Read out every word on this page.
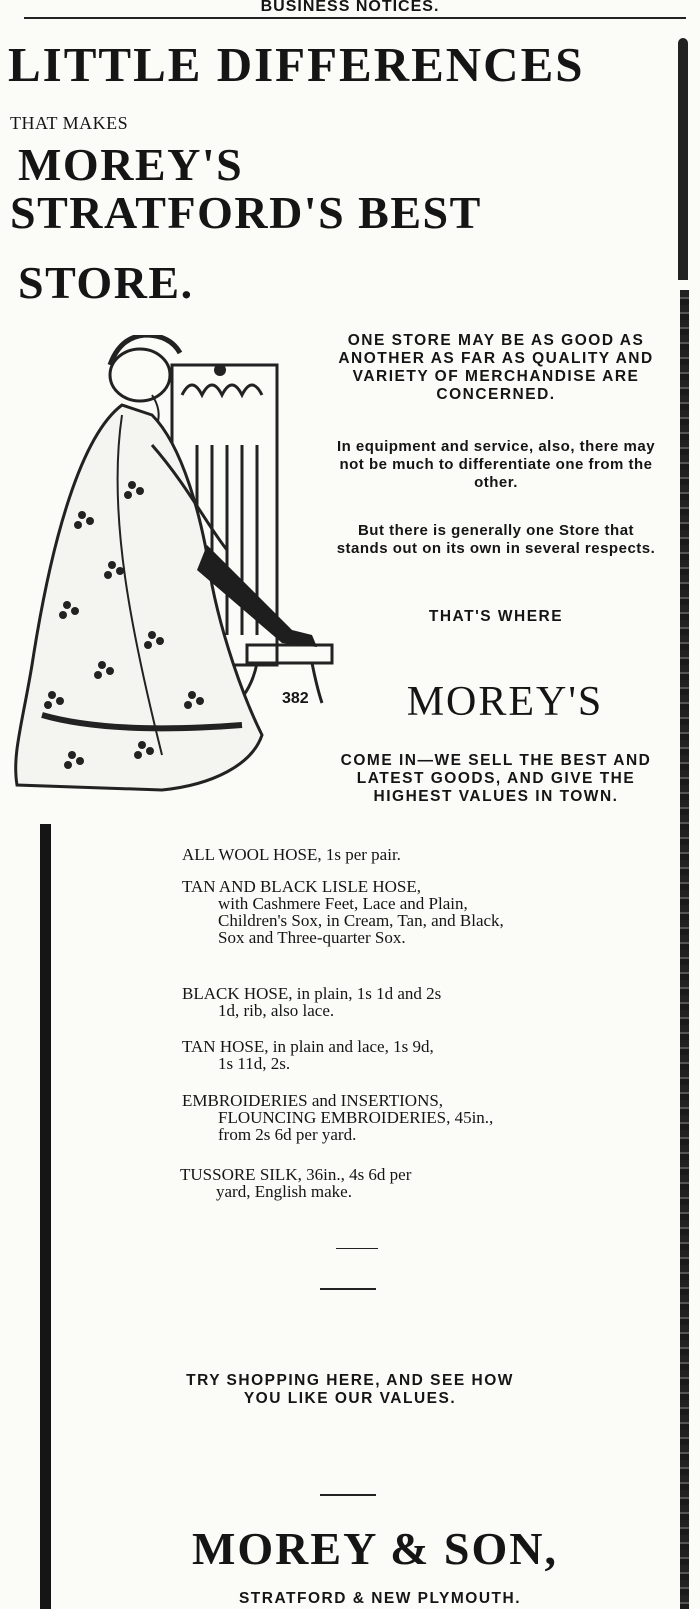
BUSINESS NOTICES.
LITTLE DIFFERENCES
THAT MAKES
MOREY'S
STRATFORD'S BEST
STORE.
382
ONE STORE MAY BE AS GOOD AS ANOTHER AS FAR AS QUALITY AND VARIETY OF MERCHANDISE ARE CONCERNED.
In equipment and service, also, there may not be much to differentiate one from the other.
But there is generally one Store that stands out on its own in several respects.
THAT'S WHERE
MOREY'S
COME IN—WE SELL THE BEST AND LATEST GOODS, AND GIVE THE HIGHEST VALUES IN TOWN.
ALL WOOL HOSE, 1s per pair.
TAN AND BLACK LISLE HOSE,
with Cashmere Feet, Lace and Plain, Children's Sox, in Cream, Tan, and Black, Sox and Three-quarter Sox.
BLACK HOSE, in plain, 1s 1d and 2s
1d, rib, also lace.
TAN HOSE, in plain and lace, 1s 9d,
1s 11d, 2s.
EMBROIDERIES and INSERTIONS,
FLOUNCING EMBROIDERIES, 45in., from 2s 6d per yard.
TUSSORE SILK, 36in., 4s 6d per
yard, English make.
TRY SHOPPING HERE, AND SEE HOW YOU LIKE OUR VALUES.
MOREY & SON,
STRATFORD & NEW PLYMOUTH.
